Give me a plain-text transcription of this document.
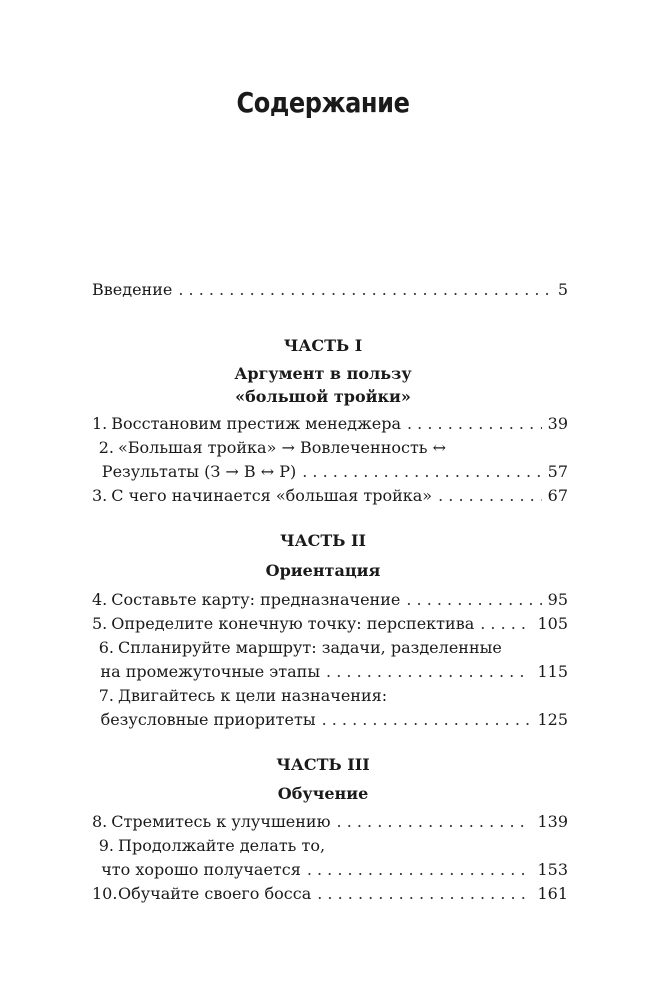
Содержание
Введение . . .	5
ЧАСТЬ I
Аргумент в пользу
«большой тройки»
1. Восстановим престиж менеджера . . .	39
2. «Большая тройка» → Вовлеченность ↔
Результаты (З → В ↔ Р) . . .	57
3. С чего начинается «большая тройка» . . .	67
ЧАСТЬ II
Ориентация
4. Составьте карту: предназначение . . .	95
5. Определите конечную точку: перспектива . . .	105
6. Спланируйте маршрут: задачи, разделенные
на промежуточные этапы . . .	115
7. Двигайтесь к цели назначения:
безусловные приоритеты . . .	125
ЧАСТЬ III
Обучение
8. Стремитесь к улучшению . . .	139
9. Продолжайте делать то,
что хорошо получается . . .	153
10. Обучайте своего босса . . .	161
